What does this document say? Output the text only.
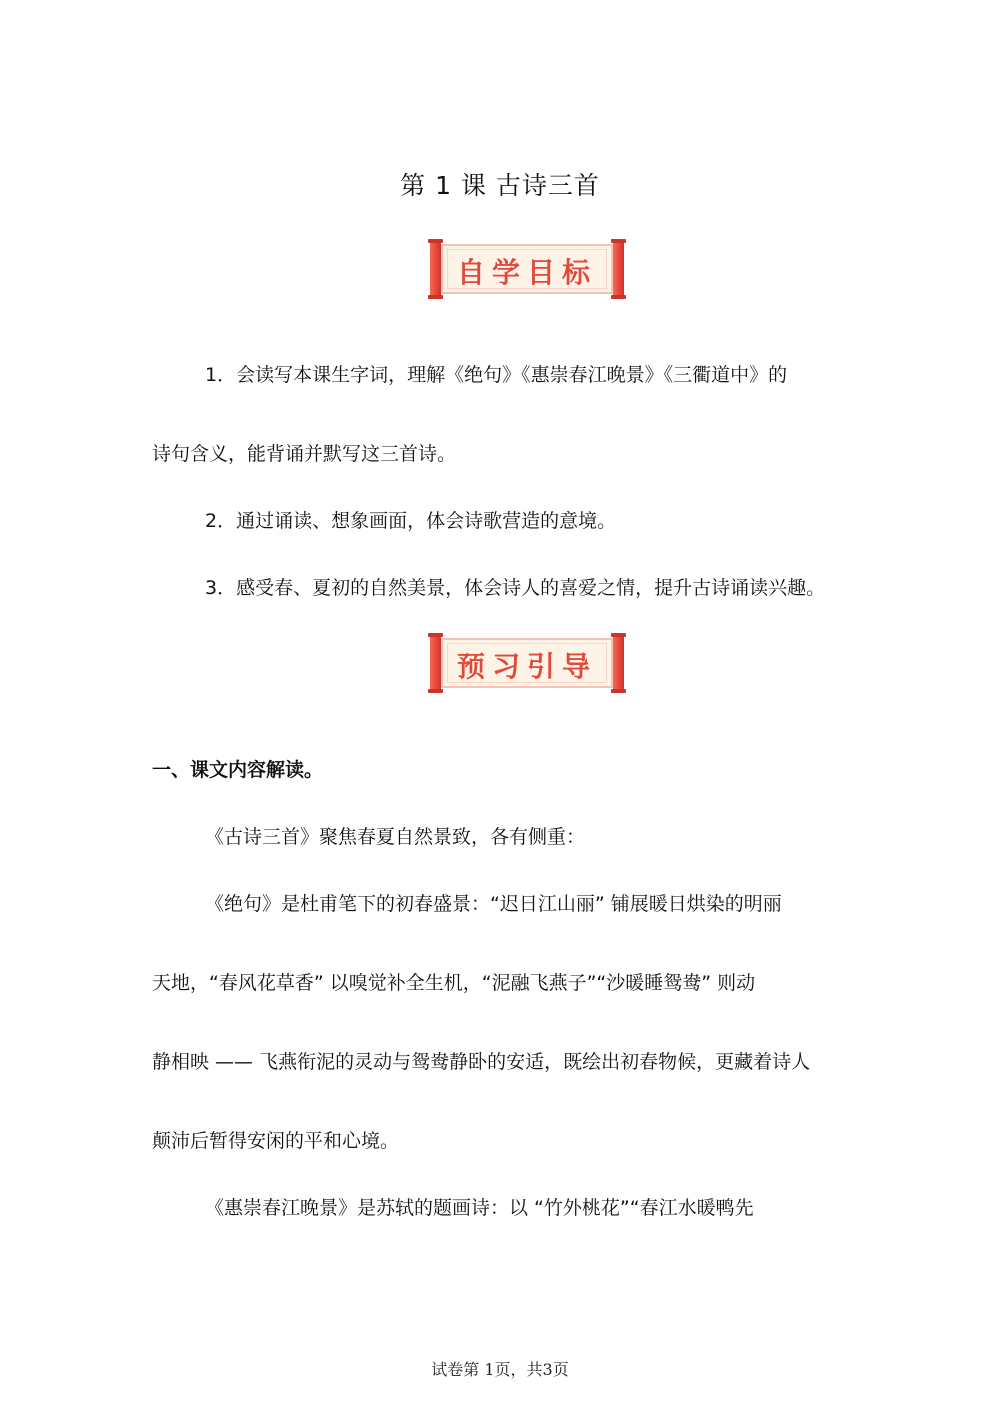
第 1 课 古诗三首
自学目标
1．会读写本课生字词，理解《绝句》《惠崇春江晚景》《三衢道中》的
诗句含义，能背诵并默写这三首诗。
2．通过诵读、想象画面，体会诗歌营造的意境。
3．感受春、夏初的自然美景，体会诗人的喜爱之情，提升古诗诵读兴趣。
预习引导
一、课文内容解读。
《古诗三首》聚焦春夏自然景致，各有侧重：
《绝句》是杜甫笔下的初春盛景：“迟日江山丽” 铺展暖日烘染的明丽
天地，“春风花草香” 以嗅觉补全生机，“泥融飞燕子”“沙暖睡鸳鸯” 则动
静相映 —— 飞燕衔泥的灵动与鸳鸯静卧的安适，既绘出初春物候，更藏着诗人
颠沛后暂得安闲的平和心境。
《惠崇春江晚景》是苏轼的题画诗：以 “竹外桃花”“春江水暖鸭先
试卷第 1页，共3页
